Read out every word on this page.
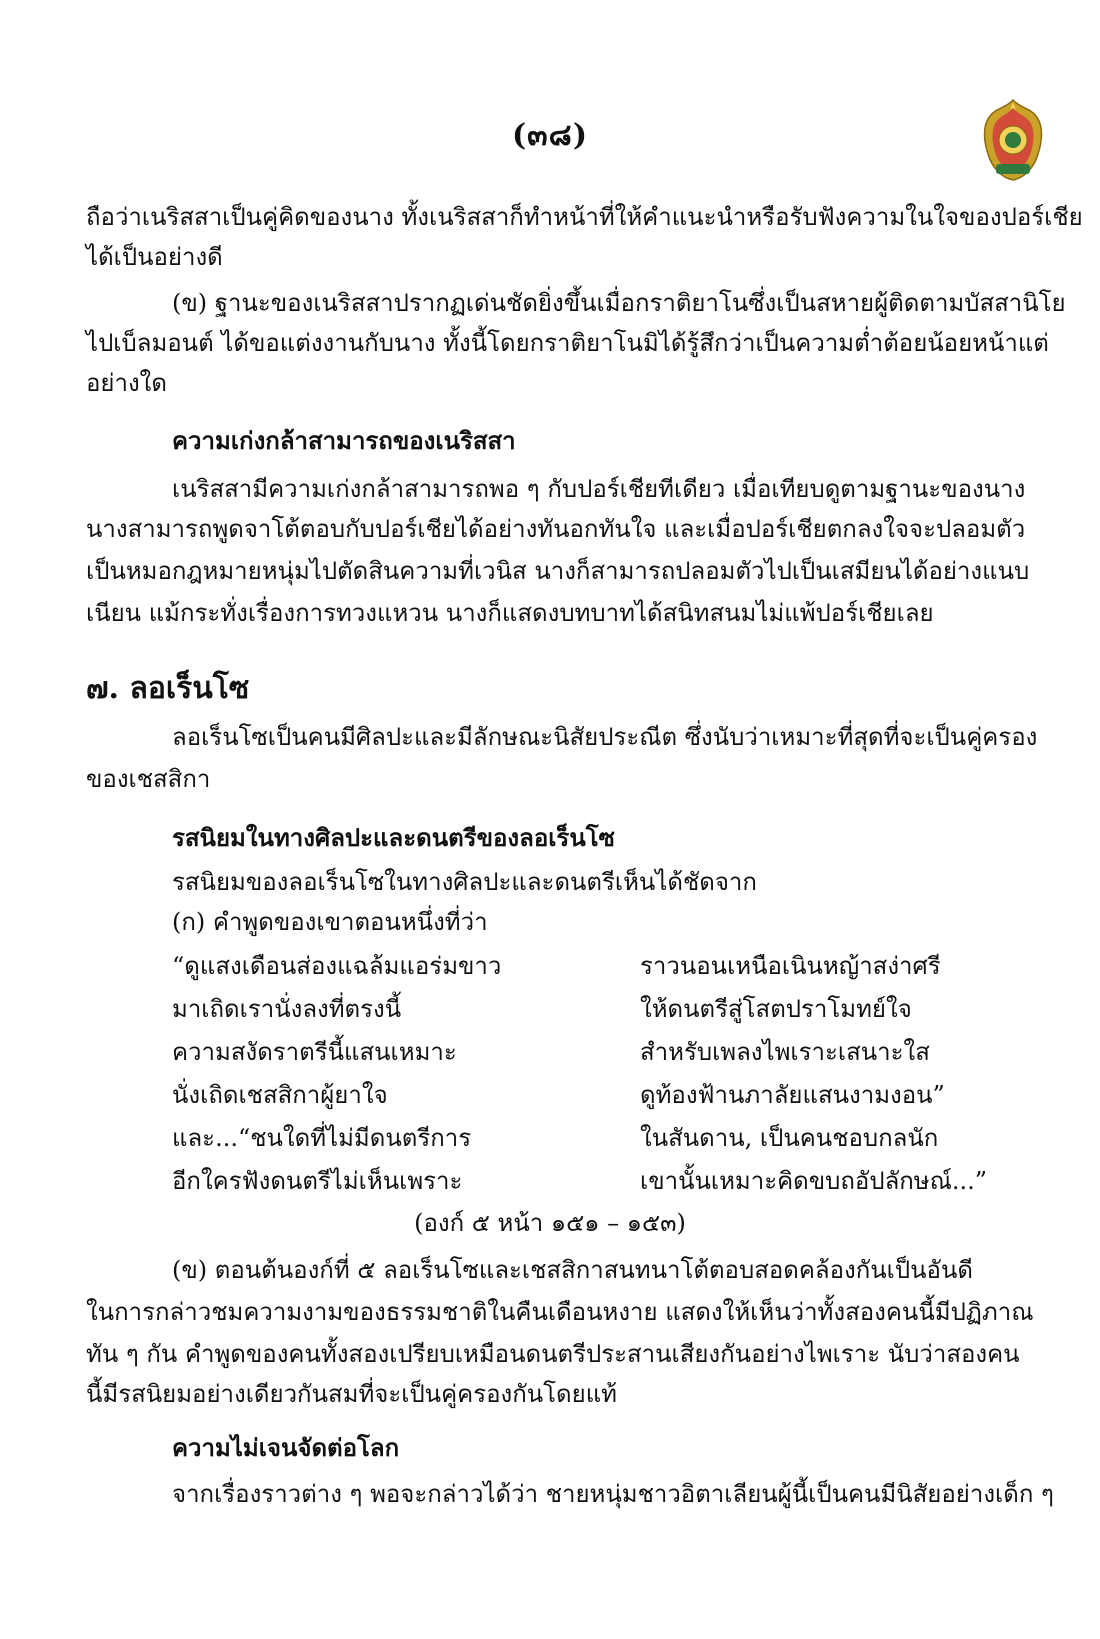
(๓๘)
ถือว่าเนริสสาเป็นคู่คิดของนาง ทั้งเนริสสาก็ทำหน้าที่ให้คำแนะนำหรือรับฟังความในใจของปอร์เชีย
ได้เป็นอย่างดี
(ข) ฐานะของเนริสสาปรากฏเด่นชัดยิ่งขึ้นเมื่อกราติยาโนซึ่งเป็นสหายผู้ติดตามบัสสานิโย
ไปเบ็ลมอนต์ ได้ขอแต่งงานกับนาง ทั้งนี้โดยกราติยาโนมิได้รู้สึกว่าเป็นความต่ำต้อยน้อยหน้าแต่
อย่างใด
ความเก่งกล้าสามารถของเนริสสา
เนริสสามีความเก่งกล้าสามารถพอ ๆ กับปอร์เชียทีเดียว เมื่อเทียบดูตามฐานะของนาง
นางสามารถพูดจาโต้ตอบกับปอร์เชียได้อย่างทันอกทันใจ และเมื่อปอร์เชียตกลงใจจะปลอมตัว
เป็นหมอกฎหมายหนุ่มไปตัดสินความที่เวนิส นางก็สามารถปลอมตัวไปเป็นเสมียนได้อย่างแนบ
เนียน แม้กระทั่งเรื่องการทวงแหวน นางก็แสดงบทบาทได้สนิทสนมไม่แพ้ปอร์เชียเลย
๗. ลอเร็นโซ
ลอเร็นโซเป็นคนมีศิลปะและมีลักษณะนิสัยประณีต ซึ่งนับว่าเหมาะที่สุดที่จะเป็นคู่ครอง
ของเชสสิกา
รสนิยมในทางศิลปะและดนตรีของลอเร็นโซ
รสนิยมของลอเร็นโซในทางศิลปะและดนตรีเห็นได้ชัดจาก
(ก) คำพูดของเขาตอนหนึ่งที่ว่า
“ดูแสงเดือนส่องแฉล้มแอร่มขาว	ราวนอนเหนือเนินหญ้าสง่าศรี
มาเถิดเรานั่งลงที่ตรงนี้	ให้ดนตรีสู่โสตปราโมทย์ใจ
ความสงัดราตรีนี้แสนเหมาะ	สำหรับเพลงไพเราะเสนาะใส
นั่งเถิดเชสสิกาผู้ยาใจ	ดูท้องฟ้านภาลัยแสนงามงอน”
และ...“ชนใดที่ไม่มีดนตรีการ	ในสันดาน, เป็นคนชอบกลนัก
อีกใครฟังดนตรีไม่เห็นเพราะ	เขานั้นเหมาะคิดขบถอัปลักษณ์...”
(องก์ ๕ หน้า ๑๕๑ – ๑๕๓)
(ข) ตอนต้นองก์ที่ ๕ ลอเร็นโซและเชสสิกาสนทนาโต้ตอบสอดคล้องกันเป็นอันดี
ในการกล่าวชมความงามของธรรมชาติในคืนเดือนหงาย แสดงให้เห็นว่าทั้งสองคนนี้มีปฏิภาณ
ทัน ๆ กัน คำพูดของคนทั้งสองเปรียบเหมือนดนตรีประสานเสียงกันอย่างไพเราะ นับว่าสองคน
นี้มีรสนิยมอย่างเดียวกันสมที่จะเป็นคู่ครองกันโดยแท้
ความไม่เจนจัดต่อโลก
จากเรื่องราวต่าง ๆ พอจะกล่าวได้ว่า ชายหนุ่มชาวอิตาเลียนผู้นี้เป็นคนมีนิสัยอย่างเด็ก ๆ
